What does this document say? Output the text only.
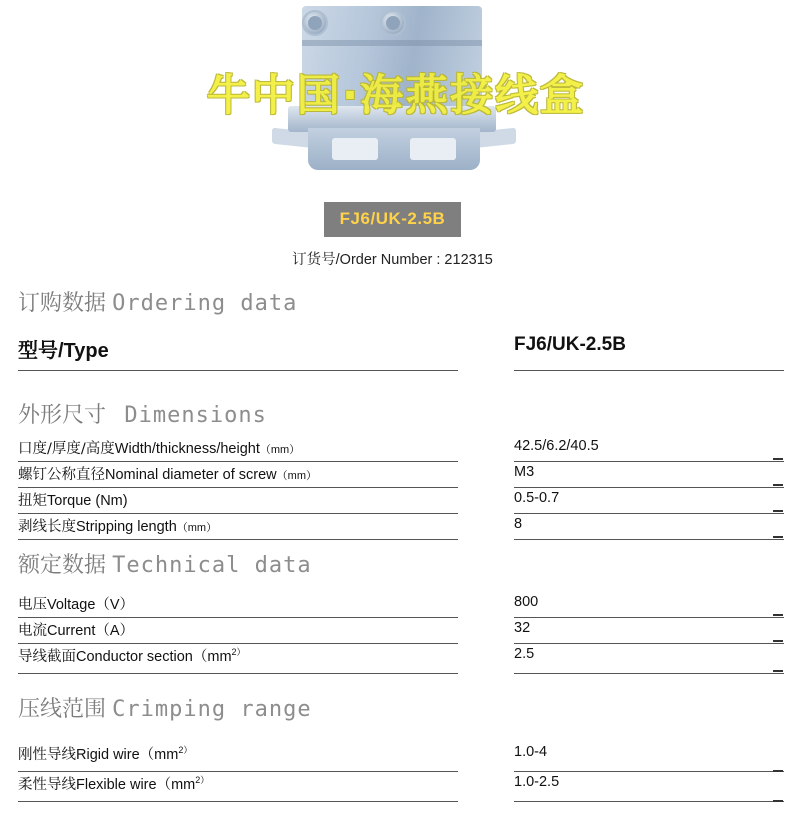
牛中国·海燕接线盒
FJ6/UK-2.5B
订货号/Order Number : 212315
订购数据 Ordering data
型号/Type	FJ6/UK-2.5B
外形尺寸 Dimensions
口度/厚度/高度Width/thickness/height（mm）	42.5/6.2/40.5
螺钉公称直径Nominal diameter of screw（mm）	M3
扭矩Torque (Nm)	0.5-0.7
剥线长度Stripping length（mm）	8
额定数据 Technical data
电压Voltage（V）	800
电流Current（A）	32
导线截面Conductor $section(mm^{2)}$	2.5
压线范围 Crimping range
刚性导线Rigid $wire(mm^{2)}$	1.0-4
柔性导线Flexible $wire(mm^{2)}$	1.0-2.5
